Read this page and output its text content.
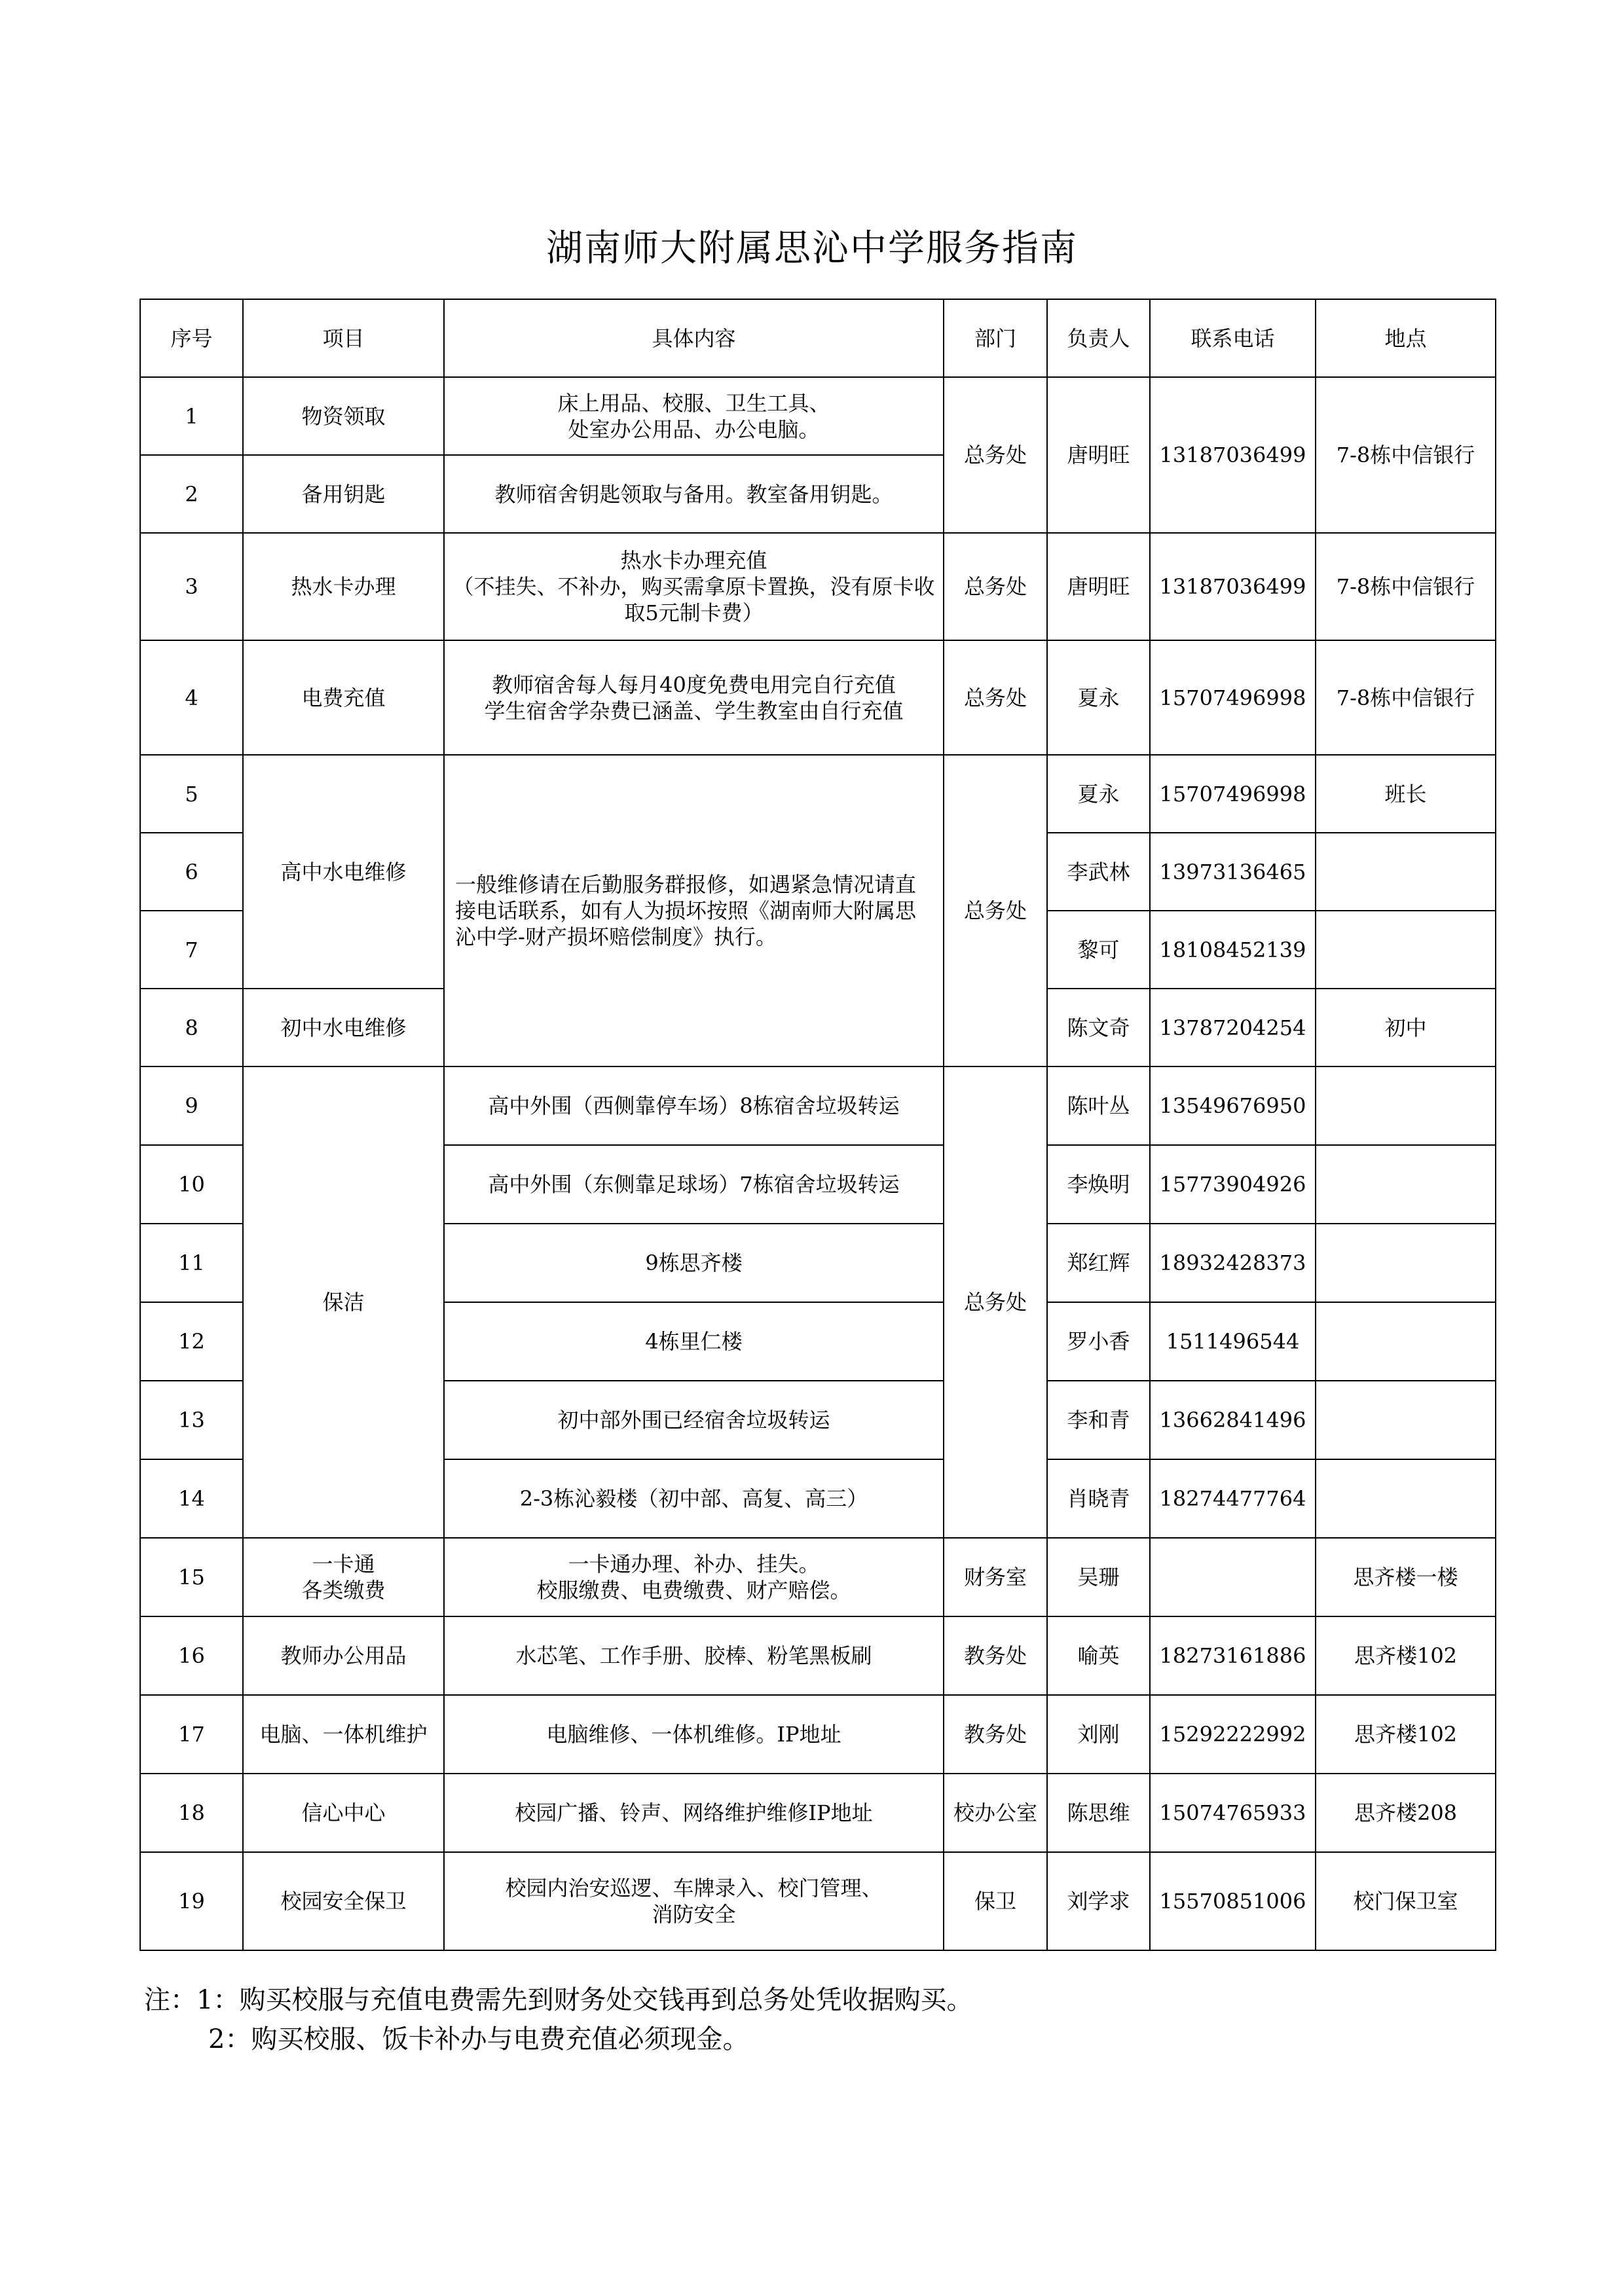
湖南师大附属思沁中学服务指南
序号	项目	具体内容	部门	负责人	联系电话	地点
1	物资领取	床上用品、校服、卫生工具、
处室办公用品、办公电脑。	总务处	唐明旺	13187036499	7-8栋中信银行
2	备用钥匙	教师宿舍钥匙领取与备用。教室备用钥匙。				
3	热水卡办理	热水卡办理充值
（不挂失、不补办，购买需拿原卡置换，没有原卡收取5元制卡费）	总务处	唐明旺	13187036499	7-8栋中信银行
4	电费充值	教师宿舍每人每月40度免费电用完自行充值
学生宿舍学杂费已涵盖、学生教室由自行充值	总务处	夏永	15707496998	7-8栋中信银行
5	高中水电维修	一般维修请在后勤服务群报修，如遇紧急情况请直接电话联系，如有人为损坏按照《湖南师大附属思沁中学-财产损坏赔偿制度》执行。	总务处	夏永	15707496998	班长
6				李武林	13973136465	
7				黎可	18108452139	
8	初中水电维修			陈文奇	13787204254	初中
9	保洁	高中外围（西侧靠停车场）8栋宿舍垃圾转运	总务处	陈叶丛	13549676950	
10		高中外围（东侧靠足球场）7栋宿舍垃圾转运		李焕明	15773904926	
11		9栋思齐楼		郑红辉	18932428373	
12		4栋里仁楼		罗小香	1511496544	
13		初中部外围已经宿舍垃圾转运		李和青	13662841496	
14		2-3栋沁毅楼（初中部、高复、高三）		肖晓青	18274477764	
15	一卡通
各类缴费	一卡通办理、补办、挂失。
校服缴费、电费缴费、财产赔偿。	财务室	吴珊		思齐楼一楼
16	教师办公用品	水芯笔、工作手册、胶棒、粉笔黑板刷	教务处	喻英	18273161886	思齐楼102
17	电脑、一体机维护	电脑维修、一体机维修。IP地址	教务处	刘刚	15292222992	思齐楼102
18	信心中心	校园广播、铃声、网络维护维修IP地址	校办公室	陈思维	15074765933	思齐楼208
19	校园安全保卫	校园内治安巡逻、车牌录入、校门管理、
消防安全	保卫	刘学求	15570851006	校门保卫室
注：1：购买校服与充值电费需先到财务处交钱再到总务处凭收据购买。
2：购买校服、饭卡补办与电费充值必须现金。
